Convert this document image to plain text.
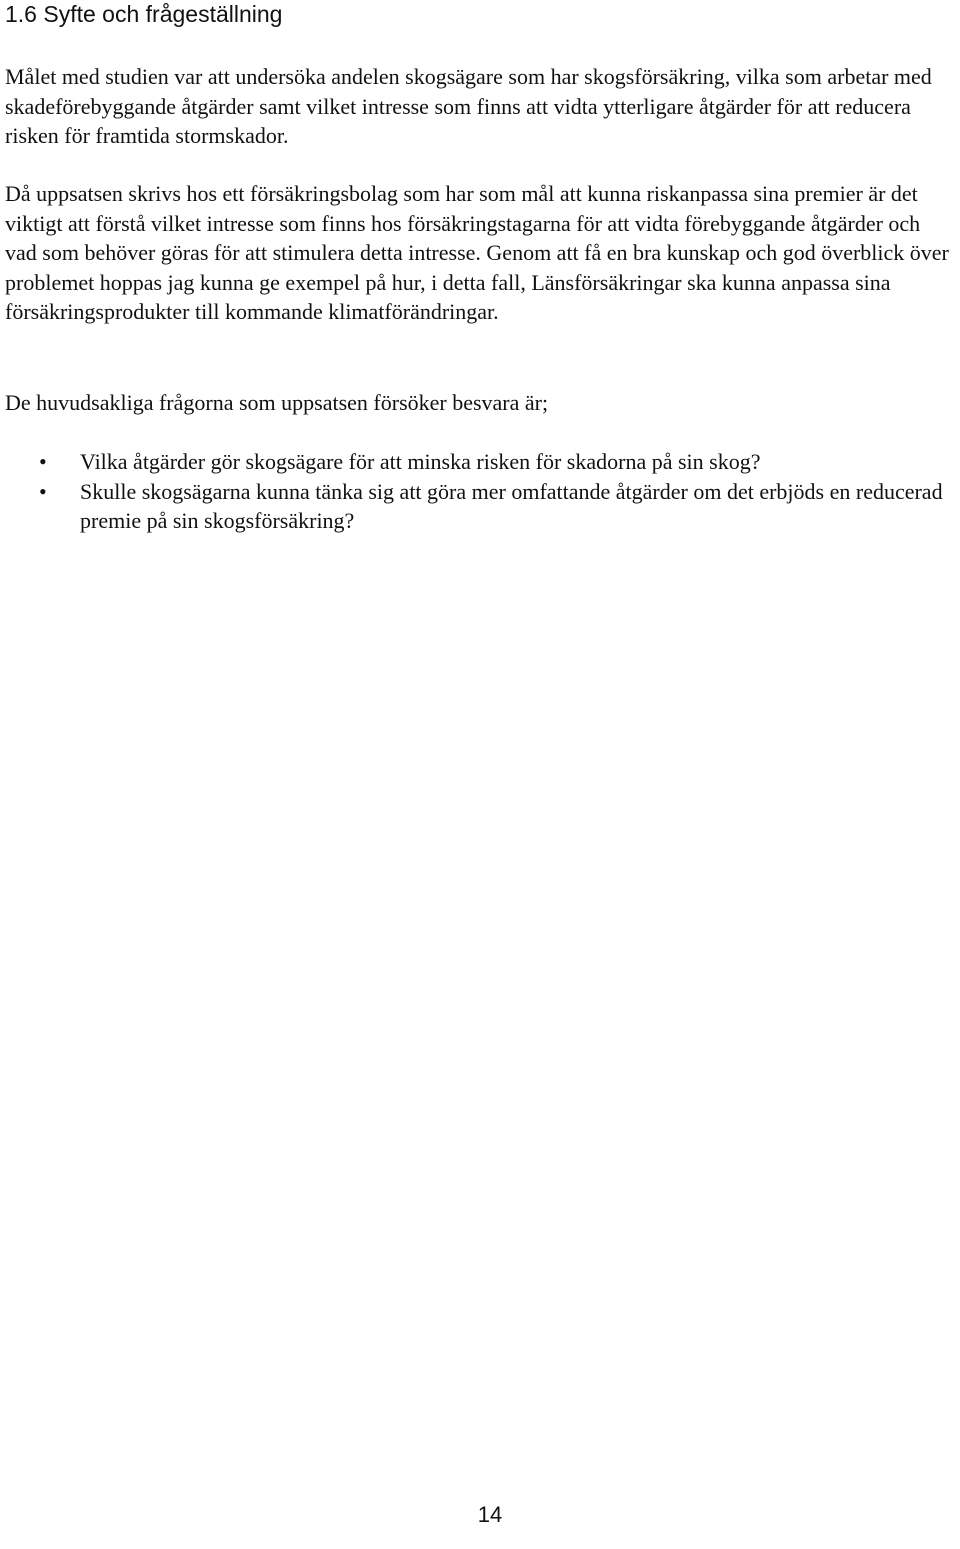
1.6 Syfte och frågeställning

Målet med studien var att undersöka andelen skogsägare som har skogsförsäkring, vilka som arbetar med skadeförebyggande åtgärder samt vilket intresse som finns att vidta ytterligare åtgärder för att reducera risken för framtida stormskador.

Då uppsatsen skrivs hos ett försäkringsbolag som har som mål att kunna riskanpassa sina premier är det viktigt att förstå vilket intresse som finns hos försäkringstagarna för att vidta förebyggande åtgärder och vad som behöver göras för att stimulera detta intresse. Genom att få en bra kunskap och god överblick över problemet hoppas jag kunna ge exempel på hur, i detta fall, Länsförsäkringar ska kunna anpassa sina försäkringsprodukter till kommande klimatförändringar.

De huvudsakliga frågorna som uppsatsen försöker besvara är;

•	Vilka åtgärder gör skogsägare för att minska risken för skadorna på sin skog?
•	Skulle skogsägarna kunna tänka sig att göra mer omfattande åtgärder om det erbjöds en reducerad premie på sin skogsförsäkring?
14
